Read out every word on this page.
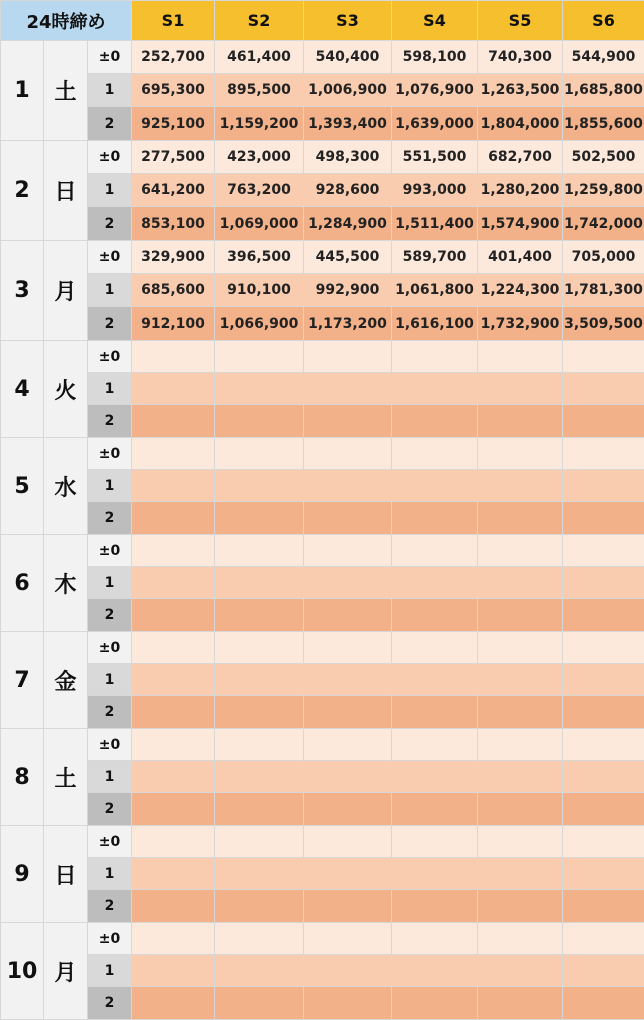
24時締め			S1	S2	S3	S4	S5	S6
1	土	±0	252,700	461,400	540,400	598,100	740,300	544,900
		1	695,300	895,500	1,006,900	1,076,900	1,263,500	1,685,800
		2	925,100	1,159,200	1,393,400	1,639,000	1,804,000	1,855,600
2	日	±0	277,500	423,000	498,300	551,500	682,700	502,500
		1	641,200	763,200	928,600	993,000	1,280,200	1,259,800
		2	853,100	1,069,000	1,284,900	1,511,400	1,574,900	1,742,000
3	月	±0	329,900	396,500	445,500	589,700	401,400	705,000
		1	685,600	910,100	992,900	1,061,800	1,224,300	1,781,300
		2	912,100	1,066,900	1,173,200	1,616,100	1,732,900	3,509,500
4	火	±0						
		1						
		2						
5	水	±0						
		1						
		2						
6	木	±0						
		1						
		2						
7	金	±0						
		1						
		2						
8	土	±0						
		1						
		2						
9	日	±0						
		1						
		2						
10	月	±0						
		1						
		2						
